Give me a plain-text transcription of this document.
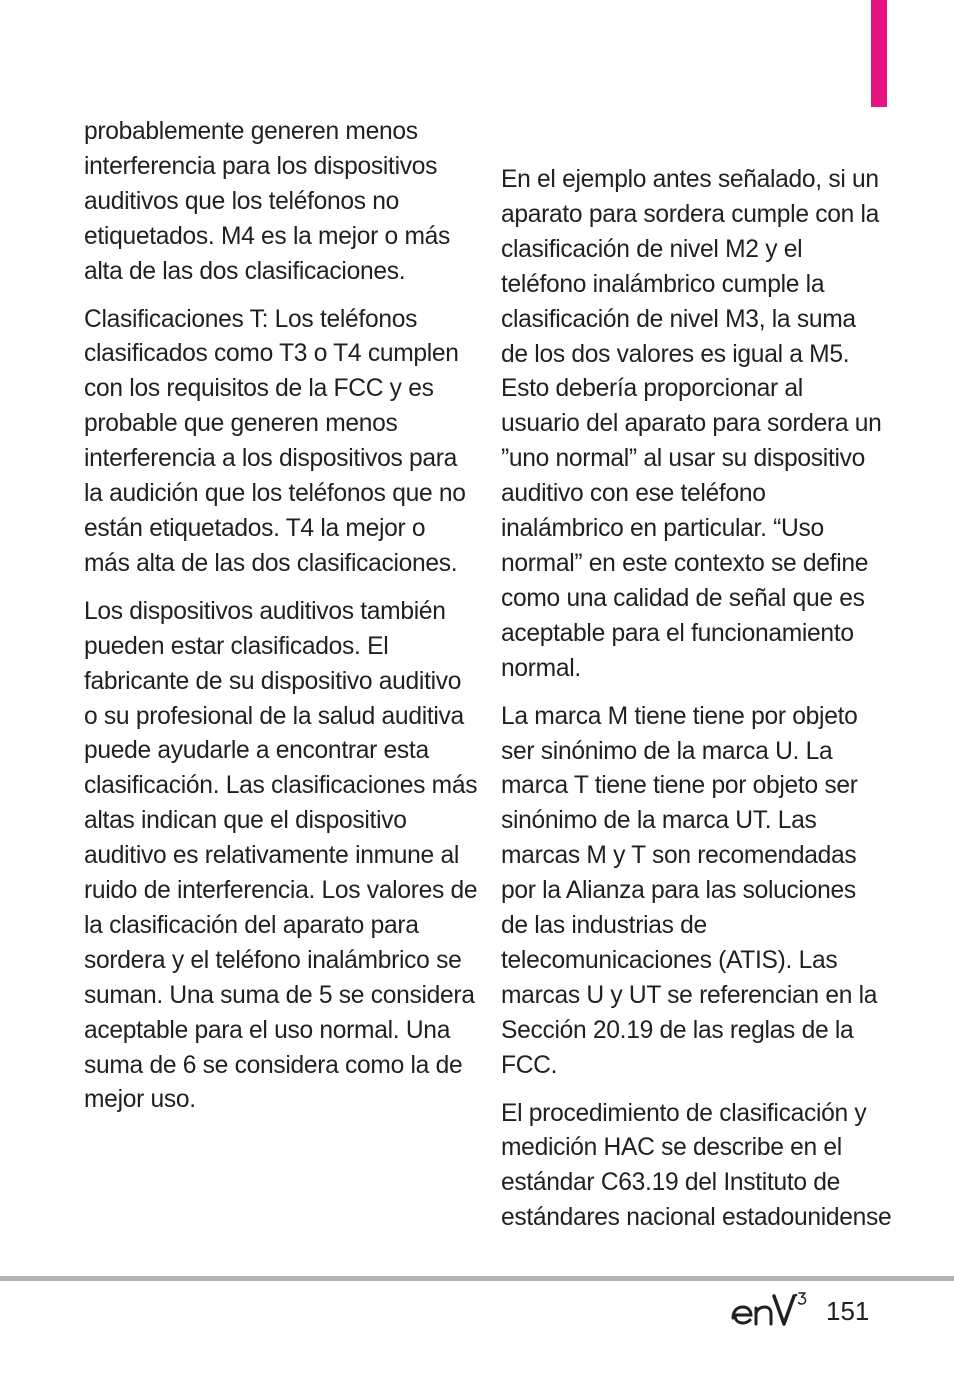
probablemente generen menos
interferencia para los dispositivos
auditivos que los teléfonos no
etiquetados. M4 es la mejor o más
alta de las dos clasificaciones.

Clasificaciones T: Los teléfonos
clasificados como T3 o T4 cumplen
con los requisitos de la FCC y es
probable que generen menos
interferencia a los dispositivos para
la audición que los teléfonos que no
están etiquetados. T4 la mejor o
más alta de las dos clasificaciones.

Los dispositivos auditivos también
pueden estar clasificados. El
fabricante de su dispositivo auditivo
o su profesional de la salud auditiva
puede ayudarle a encontrar esta
clasificación. Las clasificaciones más
altas indican que el dispositivo
auditivo es relativamente inmune al
ruido de interferencia. Los valores de
la clasificación del aparato para
sordera y el teléfono inalámbrico se
suman. Una suma de 5 se considera
aceptable para el uso normal. Una
suma de 6 se considera como la de
mejor uso.

En el ejemplo antes señalado, si un
aparato para sordera cumple con la
clasificación de nivel M2 y el
teléfono inalámbrico cumple la
clasificación de nivel M3, la suma
de los dos valores es igual a M5.
Esto debería proporcionar al
usuario del aparato para sordera un
”uno normal” al usar su dispositivo
auditivo con ese teléfono
inalámbrico en particular. “Uso
normal” en este contexto se define
como una calidad de señal que es
aceptable para el funcionamiento
normal.

La marca M tiene tiene por objeto
ser sinónimo de la marca U. La
marca T tiene tiene por objeto ser
sinónimo de la marca UT. Las
marcas M y T son recomendadas
por la Alianza para las soluciones
de las industrias de
telecomunicaciones (ATIS). Las
marcas U y UT se referencian en la
Sección 20.19 de las reglas de la
FCC.

El procedimiento de clasificación y
medición HAC se describe en el
estándar C63.19 del Instituto de
estándares nacional estadounidense

151
